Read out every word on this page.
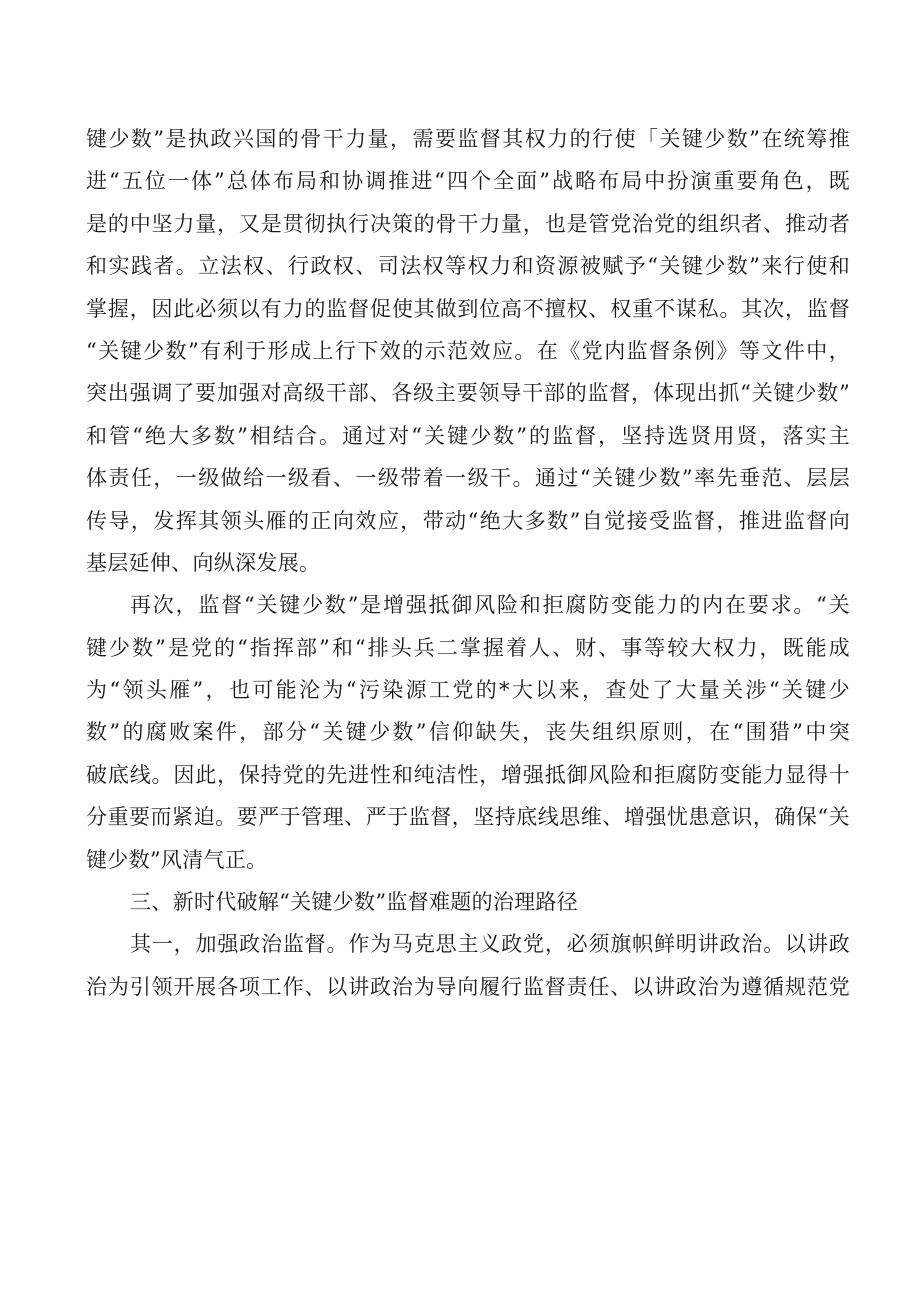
键少数”是执政兴国的骨干力量，需要监督其权力的行使「关键少数”在统筹推
进“五位一体”总体布局和协调推进“四个全面”战略布局中扮演重要角色，既
是的中坚力量，又是贯彻执行决策的骨干力量，也是管党治党的组织者、推动者
和实践者。立法权、行政权、司法权等权力和资源被赋予“关键少数”来行使和
掌握，因此必须以有力的监督促使其做到位高不擅权、权重不谋私。其次，监督
“关键少数”有利于形成上行下效的示范效应。在《党内监督条例》等文件中，
突出强调了要加强对高级干部、各级主要领导干部的监督，体现出抓“关键少数”
和管“绝大多数”相结合。通过对“关键少数”的监督，坚持选贤用贤，落实主
体责任，一级做给一级看、一级带着一级干。通过“关键少数”率先垂范、层层
传导，发挥其领头雁的正向效应，带动“绝大多数”自觉接受监督，推进监督向
基层延伸、向纵深发展。
再次，监督“关键少数”是增强抵御风险和拒腐防变能力的内在要求。“关
键少数”是党的“指挥部”和“排头兵二掌握着人、财、事等较大权力，既能成
为“领头雁”，也可能沦为“污染源工党的*大以来，查处了大量关涉“关键少
数”的腐败案件，部分“关键少数”信仰缺失，丧失组织原则，在“围猎”中突
破底线。因此，保持党的先进性和纯洁性，增强抵御风险和拒腐防变能力显得十
分重要而紧迫。要严于管理、严于监督，坚持底线思维、增强忧患意识，确保“关
键少数”风清气正。
三、新时代破解“关键少数”监督难题的治理路径
其一，加强政治监督。作为马克思主义政党，必须旗帜鲜明讲政治。以讲政
治为引领开展各项工作、以讲政治为导向履行监督责任、以讲政治为遵循规范党
